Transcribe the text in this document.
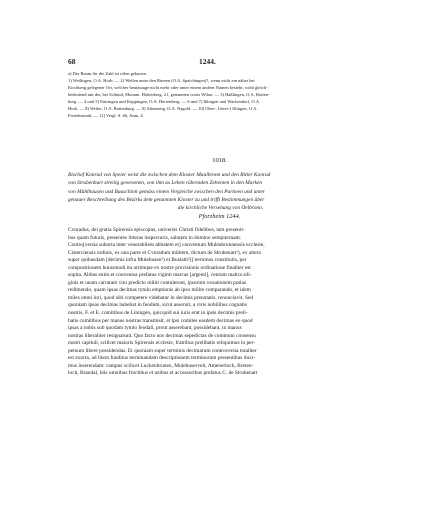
68	1244.
a) Der Raum für die Zahl ist offen gelassen.
1) Weilingen, O.A. Horb. — 2) Weilen unter den Rinnen (O.A. Spaichingen)?, wenn nicht ein näher bei
Kirchberg gelegener Ort, welcher heutzutage nicht mehr oder unter einem andern Namen besteht; wohl gleich-
bedeutend mit der, bei Schmid, Monum. Hohenberg. 21, genannten curtis Wilon. — 3) Haßlingen, O.A. Rotten-
burg. — 4 und 5) Entringen und Kuppingen, O.A. Herrenberg. — 6 und 7) Ihlingen und Wachendorf, O.A.
Horb. — 8) Weiler, O.A. Rottenburg. — 9) Altensteig, O.A. Nagold. — 10) Ober-, Unter-) Iflingen, O.A.
Freudenstadt. — 11) Vergl. S. 66, Anm. 4.
1018.
Bischof Konrad von Speier weist die zwischen dem Kloster Maulbronn und den Ritter Konrad
von Strubenhart streitig gewesenen, von ihm zu Lehen rührenden Zehenten in den Marken
von Mühlhausen und Bauschlott gemäss einem Vergleiche zwischen den Partieen und unter
genauer Beschreibung des Bezirks dem genannten Kloster zu und trifft Bestimmungen über
die kirchliche Versehung von Oelbronn.
Pforzheim 1244.
Cvnradus, dei gratia Spirensis episcopus, universis Christi fidelibus, tam presenti-
bus quam futuris, presentes litteras inspecturis, salutem in domino sempiternam.
Contro[versia suborta inter venerabilem abbatem et] conventum Mulenbrunnensis ecclesie,
Cisterciensis ordinis, ex una parte et Cvnradum militem, dictum de Strubenart¹), ex altera
super quibusdam [decimis infra Mulehusen²) et Buslath³)] terminos constitutis, per
compositionem huiusmodi ita utrimque ex nostre provisionis ordinatione finaliter est
sopita. Abbas enim et conventus prefatus viginti marcas [argenti], centum maltra sili-
ginis et unam carratam vini predicto militi contulerunt, ipsorum vexationem potius
redimendo, quam ipsas decimas tytulo emptionis ab ipso milite comparando, et idem
miles omni iuri, quod sibi competere videbatur in decimis prenotatis, renunciavit. Sed
quoniam ipsas decimas habebat in feodum, sicut asseruit, a viris nobilibus cognatis
nostris, F. et E. comitibus de Liningen, quicquid sui iuris erat in ipsis decimis preli-
batis comitibus per manus nostras transmisit, et ipsi comites easdem decimas eo quod
ipsas a nobis sub quodam tytulo feodali, prout asserebant, possidebant, in manus
nostras liberaliter resignarunt. Quo facto nos decimas sepedictas de communi consensu
nostri capituli, scilicet maioris Spirensis ecclesie, fratribus prelibatis reliquimus in per-
petuum libere possidendas. Et quoniam super terminis decimarum controversia totaliter
est exorta, ad litem funditus terminandam descriptionem terminorum presentibus duxi-
mus inserendam: campus scilicet Luckenbrunen, Mulehuservelt, Amenerloch, Breten-
loch, Brandal, hiis omnibus fructibus et usibus et accessoribus prefatus C. de Strubenart
